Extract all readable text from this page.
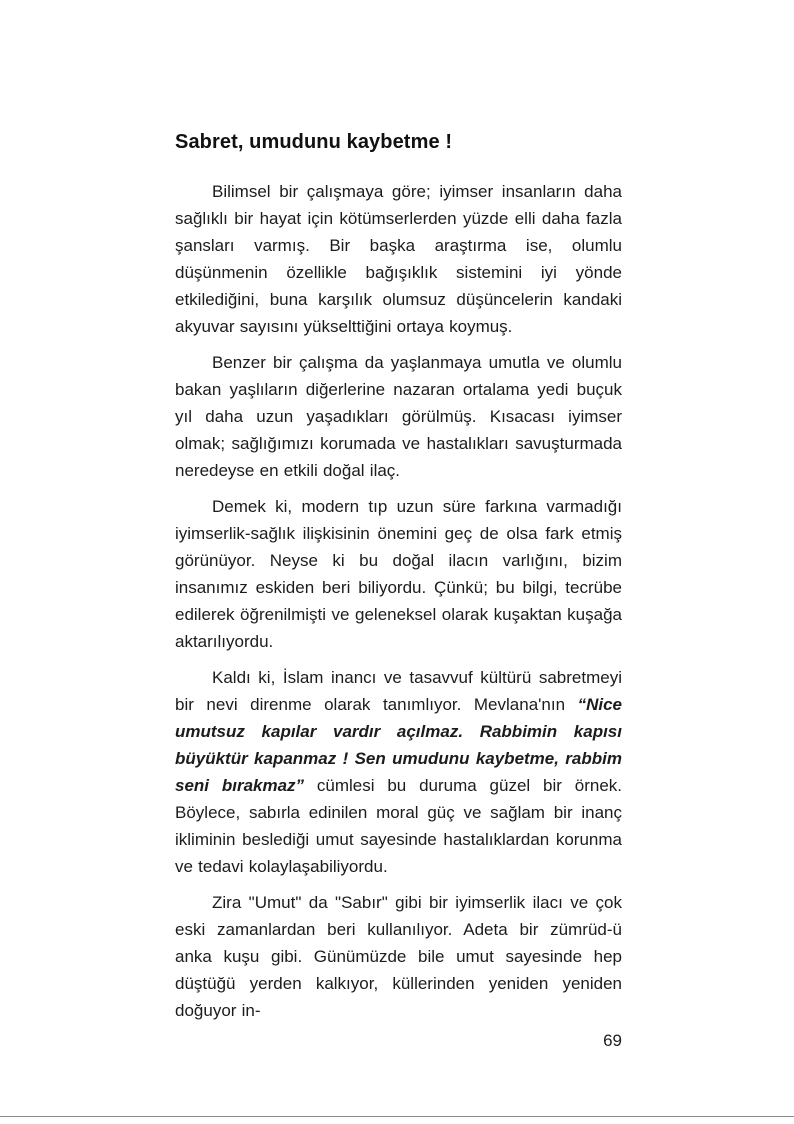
Sabret, umudunu kaybetme !

Bilimsel bir çalışmaya göre; iyimser insanların daha sağlıklı bir hayat için kötümserlerden yüzde elli daha fazla şansları varmış. Bir başka araştırma ise, olumlu düşünmenin özellikle bağışıklık sistemini iyi yönde etkilediğini, buna karşılık olumsuz düşüncelerin kandaki akyuvar sayısını yükselttiğini ortaya koymuş.

Benzer bir çalışma da yaşlanmaya umutla ve olumlu bakan yaşlıların diğerlerine nazaran ortalama yedi buçuk yıl daha uzun yaşadıkları görülmüş. Kısacası iyimser olmak; sağlığımızı korumada ve hastalıkları savuşturmada neredeyse en etkili doğal ilaç.

Demek ki, modern tıp uzun süre farkına varmadığı iyimserlik-sağlık ilişkisinin önemini geç de olsa fark etmiş görünüyor. Neyse ki bu doğal ilacın varlığını, bizim insanımız eskiden beri biliyordu. Çünkü; bu bilgi, tecrübe edilerek öğrenilmişti ve geleneksel olarak kuşaktan kuşağa aktarılıyordu.

Kaldı ki, İslam inancı ve tasavvuf kültürü sabretmeyi bir nevi direnme olarak tanımlıyor. Mevlana'nın “Nice umutsuz kapılar vardır açılmaz. Rabbimin kapısı büyüktür kapanmaz ! Sen umudunu kaybetme, rabbim seni bırakmaz” cümlesi bu duruma güzel bir örnek. Böylece, sabırla edinilen moral güç ve sağlam bir inanç ikliminin beslediği umut sayesinde hastalıklardan korunma ve tedavi kolaylaşabiliyordu.

Zira "Umut" da "Sabır" gibi bir iyimserlik ilacı ve çok eski zamanlardan beri kullanılıyor. Adeta bir zümrüd-ü anka kuşu gibi. Günümüzde bile umut sayesinde hep düştüğü yerden kalkıyor, küllerinden yeniden yeniden doğuyor in-

69
